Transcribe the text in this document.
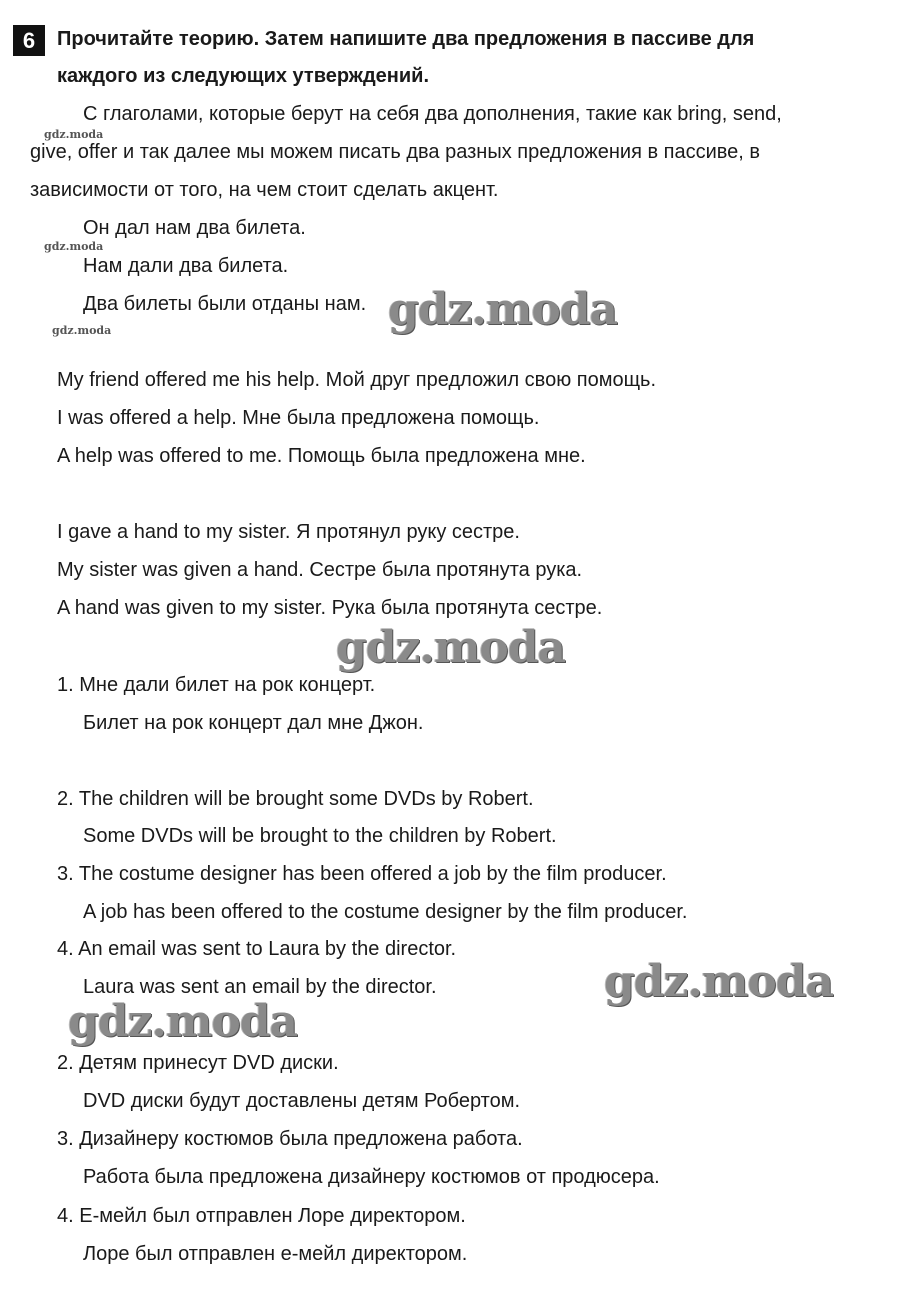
6	Прочитайте теорию. Затем напишите два предложения в пассиве для
каждого из следующих утверждений.
С глаголами, которые берут на себя два дополнения, такие как bring, send,
give, offer и так далее мы можем писать два разных предложения в пассиве, в
зависимости от того, на чем стоит сделать акцент.
Он дал нам два билета.
Нам дали два билета.
Два билеты были отданы нам.
My friend offered me his help. Мой друг предложил свою помощь.
I was offered a help. Мне была предложена помощь.
A help was offered to me. Помощь была предложена мне.
I gave a hand to my sister. Я протянул руку сестре.
My sister was given a hand. Сестре была протянута рука.
A hand was given to my sister. Рука была протянута сестре.
1. Мне дали билет на рок концерт.
Билет на рок концерт дал мне Джон.
2. The children will be brought some DVDs by Robert.
Some DVDs will be brought to the children by Robert.
3. The costume designer has been offered a job by the film producer.
A job has been offered to the costume designer by the film producer.
4. An email was sent to Laura by the director.
Laura was sent an email by the director.
2. Детям принесут DVD диски.
DVD диски будут доставлены детям Робертом.
3. Дизайнеру костюмов была предложена работа.
Работа была предложена дизайнеру костюмов от продюсера.
4. Е-мейл был отправлен Лоре директором.
Лоре был отправлен е-мейл директором.
gdz.moda
gdz.moda
gdz.moda	gdz.moda
gdz.moda
gdz.moda
gdz.moda
